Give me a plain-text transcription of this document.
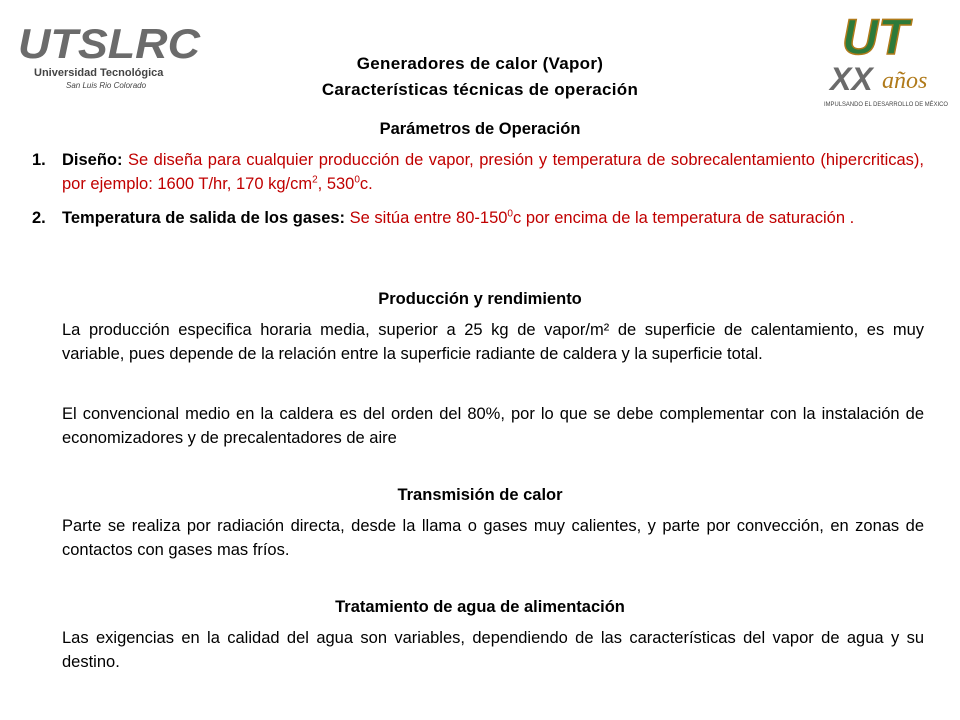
UTSLRC
Universidad Tecnológica
San Luis Rio Colorado
UT
XX años
IMPULSANDO EL DESARROLLO DE MÉXICO
Generadores de calor (Vapor)
Características técnicas de operación
Parámetros de Operación
1. Diseño: Se diseña para cualquier producción de vapor, presión y temperatura de sobrecalentamiento (hipercriticas), por ejemplo: 1600 T/hr, 170 $kg/cm^2$, $530^0c$.
2. Temperatura de salida de los gases: Se sitúa entre $80-150^0c$ por encima de la temperatura de saturación .
Producción y rendimiento
La producción especifica horaria media, superior a 25 kg de vapor/m² de superficie de calentamiento, es muy variable, pues depende de la relación entre la superficie radiante de caldera y la superficie total.
El convencional medio en la caldera es del orden del 80%, por lo que se debe complementar con la instalación de economizadores y de precalentadores de aire
Transmisión de calor
Parte se realiza por radiación directa, desde la llama o gases muy calientes, y parte por convección, en zonas de contactos con gases mas fríos.
Tratamiento de agua de alimentación
Las exigencias en la calidad del agua son variables, dependiendo de las características del vapor de agua y su destino.
